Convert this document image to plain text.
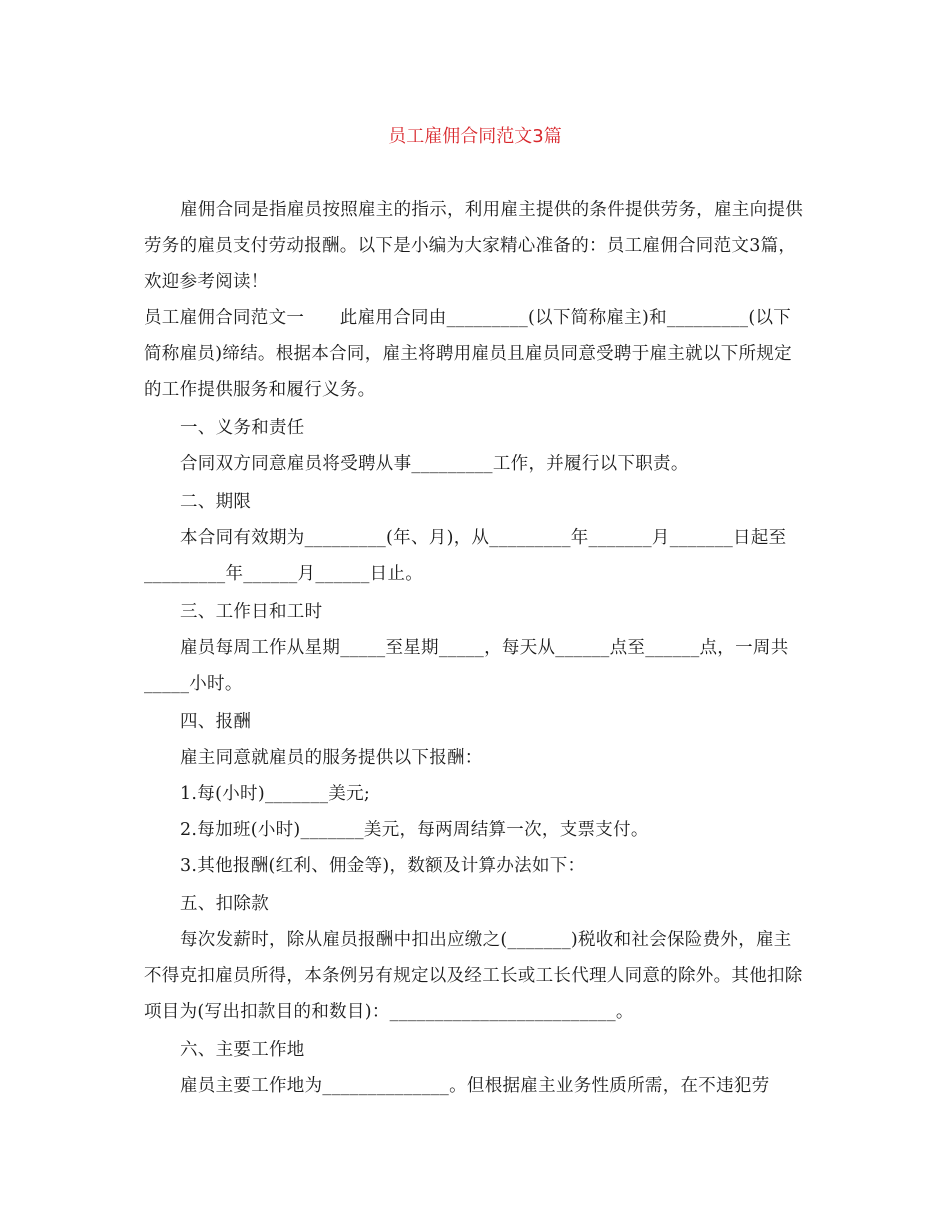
员工雇佣合同范文3篇

雇佣合同是指雇员按照雇主的指示，利用雇主提供的条件提供劳务，雇主向提供劳务的雇员支付劳动报酬。以下是小编为大家精心准备的：员工雇佣合同范文3篇，欢迎参考阅读！

员工雇佣合同范文一　　此雇用合同由_________(以下简称雇主)和_________(以下简称雇员)缔结。根据本合同，雇主将聘用雇员且雇员同意受聘于雇主就以下所规定的工作提供服务和履行义务。

一、义务和责任

合同双方同意雇员将受聘从事_________工作，并履行以下职责。

二、期限

本合同有效期为_________(年、月)，从_________年_______月_______日起至_________年______月______日止。

三、工作日和工时

雇员每周工作从星期_____至星期_____，每天从______点至______点，一周共_____小时。

四、报酬

雇主同意就雇员的服务提供以下报酬：

1.每(小时)_______美元;

2.每加班(小时)_______美元，每两周结算一次，支票支付。

3.其他报酬(红利、佣金等)，数额及计算办法如下：

五、扣除款

每次发薪时，除从雇员报酬中扣出应缴之(_______)税收和社会保险费外，雇主不得克扣雇员所得，本条例另有规定以及经工长或工长代理人同意的除外。其他扣除项目为(写出扣款目的和数目)：_________________________。

六、主要工作地

雇员主要工作地为______________。但根据雇主业务性质所需，在不违犯劳
